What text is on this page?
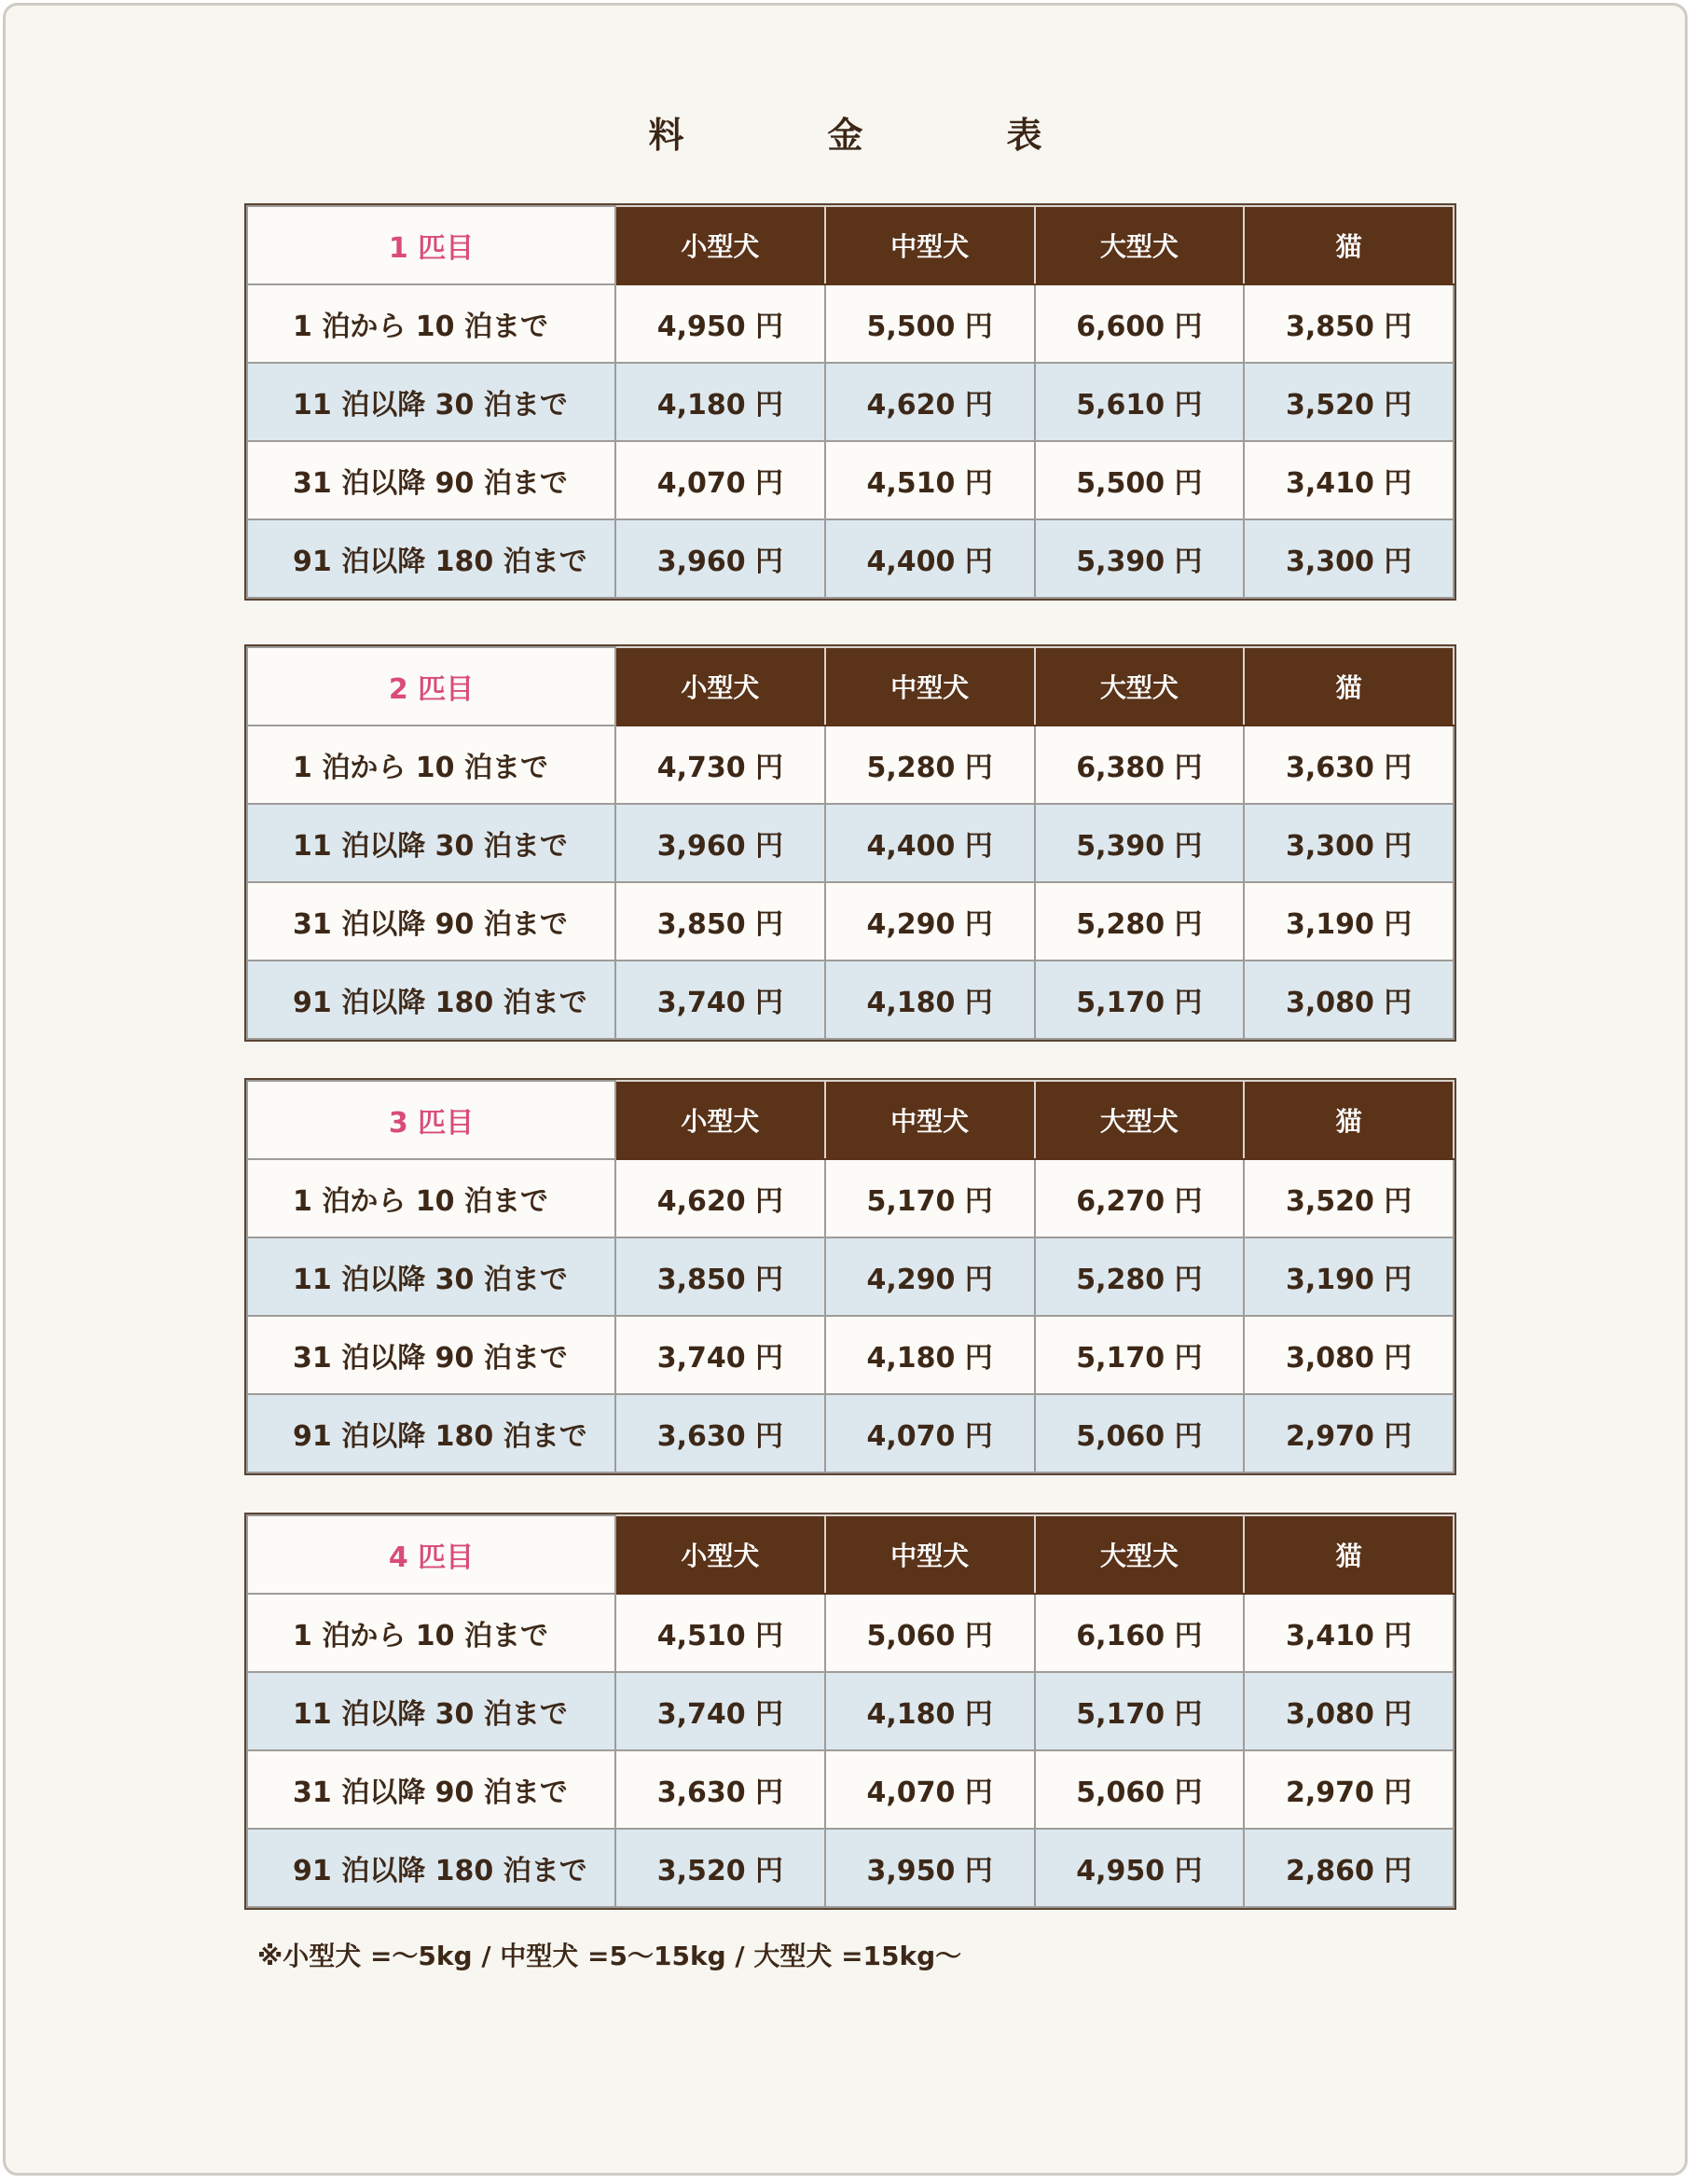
料　金　表
1 匹目	小型犬	中型犬	大型犬	猫
1 泊から 10 泊まで	4,950 円	5,500 円	6,600 円	3,850 円
11 泊以降 30 泊まで	4,180 円	4,620 円	5,610 円	3,520 円
31 泊以降 90 泊まで	4,070 円	4,510 円	5,500 円	3,410 円
91 泊以降 180 泊まで	3,960 円	4,400 円	5,390 円	3,300 円
2 匹目	小型犬	中型犬	大型犬	猫
1 泊から 10 泊まで	4,730 円	5,280 円	6,380 円	3,630 円
11 泊以降 30 泊まで	3,960 円	4,400 円	5,390 円	3,300 円
31 泊以降 90 泊まで	3,850 円	4,290 円	5,280 円	3,190 円
91 泊以降 180 泊まで	3,740 円	4,180 円	5,170 円	3,080 円
3 匹目	小型犬	中型犬	大型犬	猫
1 泊から 10 泊まで	4,620 円	5,170 円	6,270 円	3,520 円
11 泊以降 30 泊まで	3,850 円	4,290 円	5,280 円	3,190 円
31 泊以降 90 泊まで	3,740 円	4,180 円	5,170 円	3,080 円
91 泊以降 180 泊まで	3,630 円	4,070 円	5,060 円	2,970 円
4 匹目	小型犬	中型犬	大型犬	猫
1 泊から 10 泊まで	4,510 円	5,060 円	6,160 円	3,410 円
11 泊以降 30 泊まで	3,740 円	4,180 円	5,170 円	3,080 円
31 泊以降 90 泊まで	3,630 円	4,070 円	5,060 円	2,970 円
91 泊以降 180 泊まで	3,520 円	3,950 円	4,950 円	2,860 円
※小型犬 =〜5kg / 中型犬 =5〜15kg / 大型犬 =15kg〜
